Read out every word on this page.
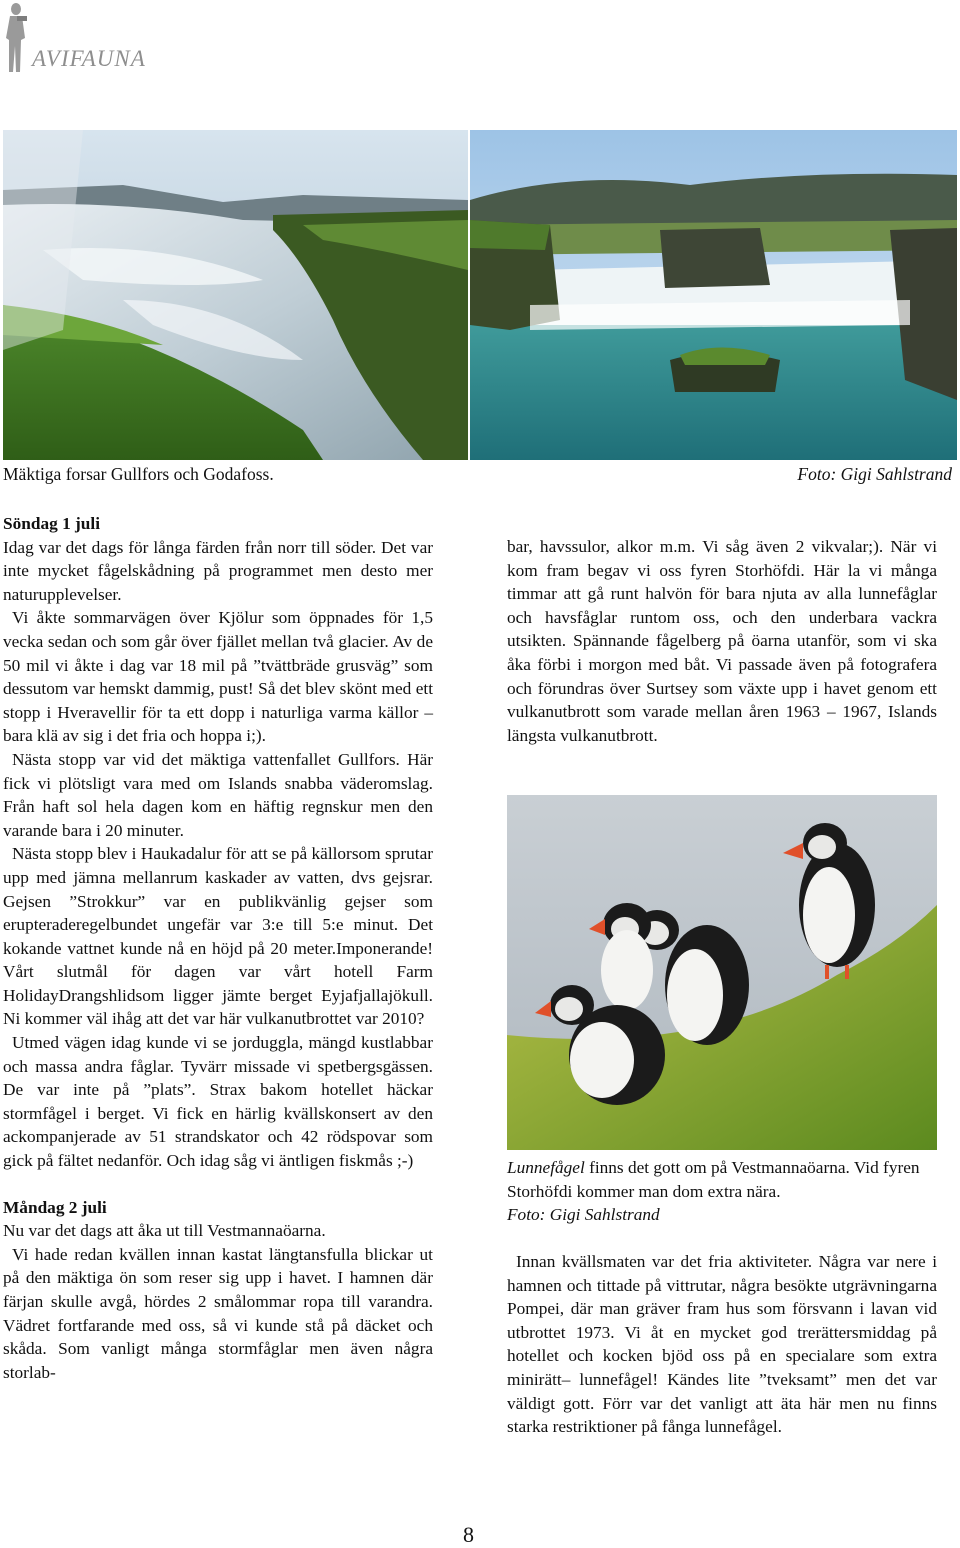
AVIFAUNA
Mäktiga forsar Gullfors och Godafoss.	Foto: Gigi Sahlstrand
Söndag 1 juli

Idag var det dags för långa färden från norr till söder. Det var inte mycket fågelskådning på programmet men desto mer naturupplevelser.

Vi åkte sommarvägen över Kjölur som öppnades för 1,5 vecka sedan och som går över fjället mellan två glacier. Av de 50 mil vi åkte i dag var 18 mil på ”tvättbräde grusväg” som dessutom var hemskt dammig, pust! Så det blev skönt med ett stopp i Hveravellir för ta ett dopp i naturliga varma källor – bara klä av sig i det fria och hoppa i;).

Nästa stopp var vid det mäktiga vattenfallet Gullfors. Här fick vi plötsligt vara med om Islands snabba väderomslag. Från haft sol hela dagen kom en häftig regnskur men den varande bara i 20 minuter.

Nästa stopp blev i Haukadalur för att se på källorsom sprutar upp med jämna mellanrum kaskader av vatten, dvs gejsrar. Gejsen ”Strokkur” var en publikvänlig gejser som erupteraderegelbundet ungefär var 3:e till 5:e minut. Det kokande vattnet kunde nå en höjd på 20 meter.Imponerande! Vårt slutmål för dagen var vårt hotell Farm HolidayDrangshlidsom ligger jämte berget Eyjafjallajökull. Ni kommer väl ihåg att det var här vulkanutbrottet var 2010?

Utmed vägen idag kunde vi se jorduggla, mängd kustlabbar och massa andra fåglar. Tyvärr missade vi spetbergsgässen. De var inte på ”plats”. Strax bakom hotellet häckar stormfågel i berget. Vi fick en härlig kvällskonsert av den ackompanjerade av 51 strandskator och 42 rödspovar som gick på fältet nedanför. Och idag såg vi äntligen fiskmås ;-)

Måndag 2 juli

Nu var det dags att åka ut till Vestmannaöarna.

Vi hade redan kvällen innan kastat längtansfulla blickar ut på den mäktiga ön som reser sig upp i havet. I hamnen där färjan skulle avgå, hördes 2 smålommar ropa till varandra. Vädret fortfarande med oss, så vi kunde stå på däcket och skåda. Som vanligt många stormfåglar men även några storlab-

bar, havssulor, alkor m.m. Vi såg även 2 vikvalar;). När vi kom fram begav vi oss fyren Storhöfdi. Här la vi många timmar att gå runt halvön för bara njuta av alla lunnefåglar och havsfåglar runtom oss, och den underbara vackra utsikten. Spännande fågelberg på öarna utanför, som vi ska åka förbi i morgon med båt. Vi passade även på fotografera och förundras över Surtsey som växte upp i havet genom ett vulkanutbrott som varade mellan åren 1963 – 1967, Islands längsta vulkanutbrott.

Lunnefågel finns det gott om på Vestmannaöarna. Vid fyren Storhöfdi kommer man dom extra nära.
Foto: Gigi Sahlstrand

Innan kvällsmaten var det fria aktiviteter. Några var nere i hamnen och tittade på vittrutar, några besökte utgrävningarna Pompei, där man gräver fram hus som försvann i lavan vid utbrottet 1973. Vi åt en mycket god trerättersmiddag på hotellet och kocken bjöd oss på en specialare som extra minirätt– lunnefågel! Kändes lite ”tveksamt” men det var väldigt gott. Förr var det vanligt att äta här men nu finns starka restriktioner på fånga lunnefågel.

8
